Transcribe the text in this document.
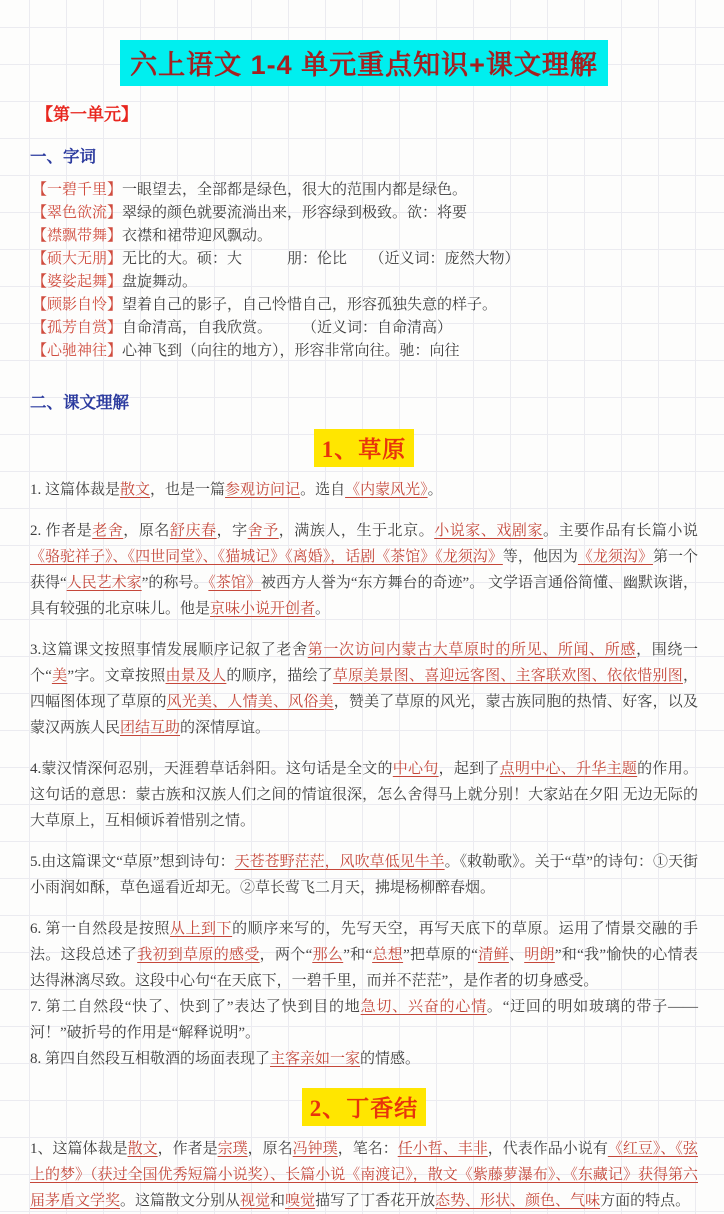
六上语文 1-4 单元重点知识+课文理解
【第一单元】
一、字词
【一碧千里】一眼望去，全部都是绿色，很大的范围内都是绿色。
【翠色欲流】翠绿的颜色就要流淌出来，形容绿到极致。欲：将要
【襟飘带舞】衣襟和裙带迎风飘动。
【硕大无朋】无比的大。硕：大　　　朋：伦比　　（近义词：庞然大物）
【婆娑起舞】盘旋舞动。
【顾影自怜】望着自己的影子，自己怜惜自己，形容孤独失意的样子。
【孤芳自赏】自命清高，自我欣赏。　　　（近义词：自命清高）
【心驰神往】心神飞到（向往的地方），形容非常向往。驰：向往
二、课文理解
1、草原

1. 这篇体裁是散文，也是一篇参观访问记。选自《内蒙风光》。

2. 作者是老舍，原名舒庆春，字舍予，满族人，生于北京。小说家、戏剧家。主要作品有长篇小说《骆驼祥子》、《四世同堂》、《猫城记》《离婚》，话剧《茶馆》《龙须沟》等，他因为《龙须沟》第一个获得“人民艺术家”的称号。《茶馆》被西方人誉为“东方舞台的奇迹”。 文学语言通俗简懂、幽默诙谐，具有较强的北京味儿。他是京味小说开创者。

3.这篇课文按照事情发展顺序记叙了老舍第一次访问内蒙古大草原时的所见、所闻、所感，围绕一个“美”字。文章按照由景及人的顺序，描绘了草原美景图、喜迎远客图、主客联欢图、依依惜别图，四幅图体现了草原的风光美、人情美、风俗美，赞美了草原的风光，蒙古族同胞的热情、好客，以及蒙汉两族人民团结互助的深情厚谊。

4.蒙汉情深何忍别，天涯碧草话斜阳。这句话是全文的中心句，起到了点明中心、升华主题的作用。这句话的意思：蒙古族和汉族人们之间的情谊很深，怎么舍得马上就分别！大家站在夕阳 无边无际的大草原上，互相倾诉着惜别之情。

5.由这篇课文“草原”想到诗句：天苍苍野茫茫，风吹草低见牛羊。《敕勒歌》。关于“草”的诗句：①天街小雨润如酥，草色遥看近却无。②草长莺飞二月天，拂堤杨柳醉春烟。

6. 第一自然段是按照从上到下的顺序来写的，先写天空，再写天底下的草原。运用了情景交融的手法。这段总述了我初到草原的感受，两个“那么”和“总想”把草原的“清鲜、明朗”和“我”愉快的心情表达得淋漓尽致。这段中心句“在天底下，一碧千里，而并不茫茫”，是作者的切身感受。

7. 第二自然段“快了、快到了”表达了快到目的地急切、兴奋的心情。“迂回的明如玻璃的带子——河！”破折号的作用是“解释说明”。

8. 第四自然段互相敬酒的场面表现了主客亲如一家的情感。

2、丁香结

1、这篇体裁是散文，作者是宗璞，原名冯钟璞，笔名：任小哲、丰非，代表作品小说有《红豆》、《弦上的梦》（获过全国优秀短篇小说奖）、长篇小说《南渡记》，散文《紫藤萝瀑布》、《东藏记》获得第六届茅盾文学奖。这篇散文分别从视觉和嗅觉描写了丁香花开放态势、形状、颜色、气味方面的特点。
